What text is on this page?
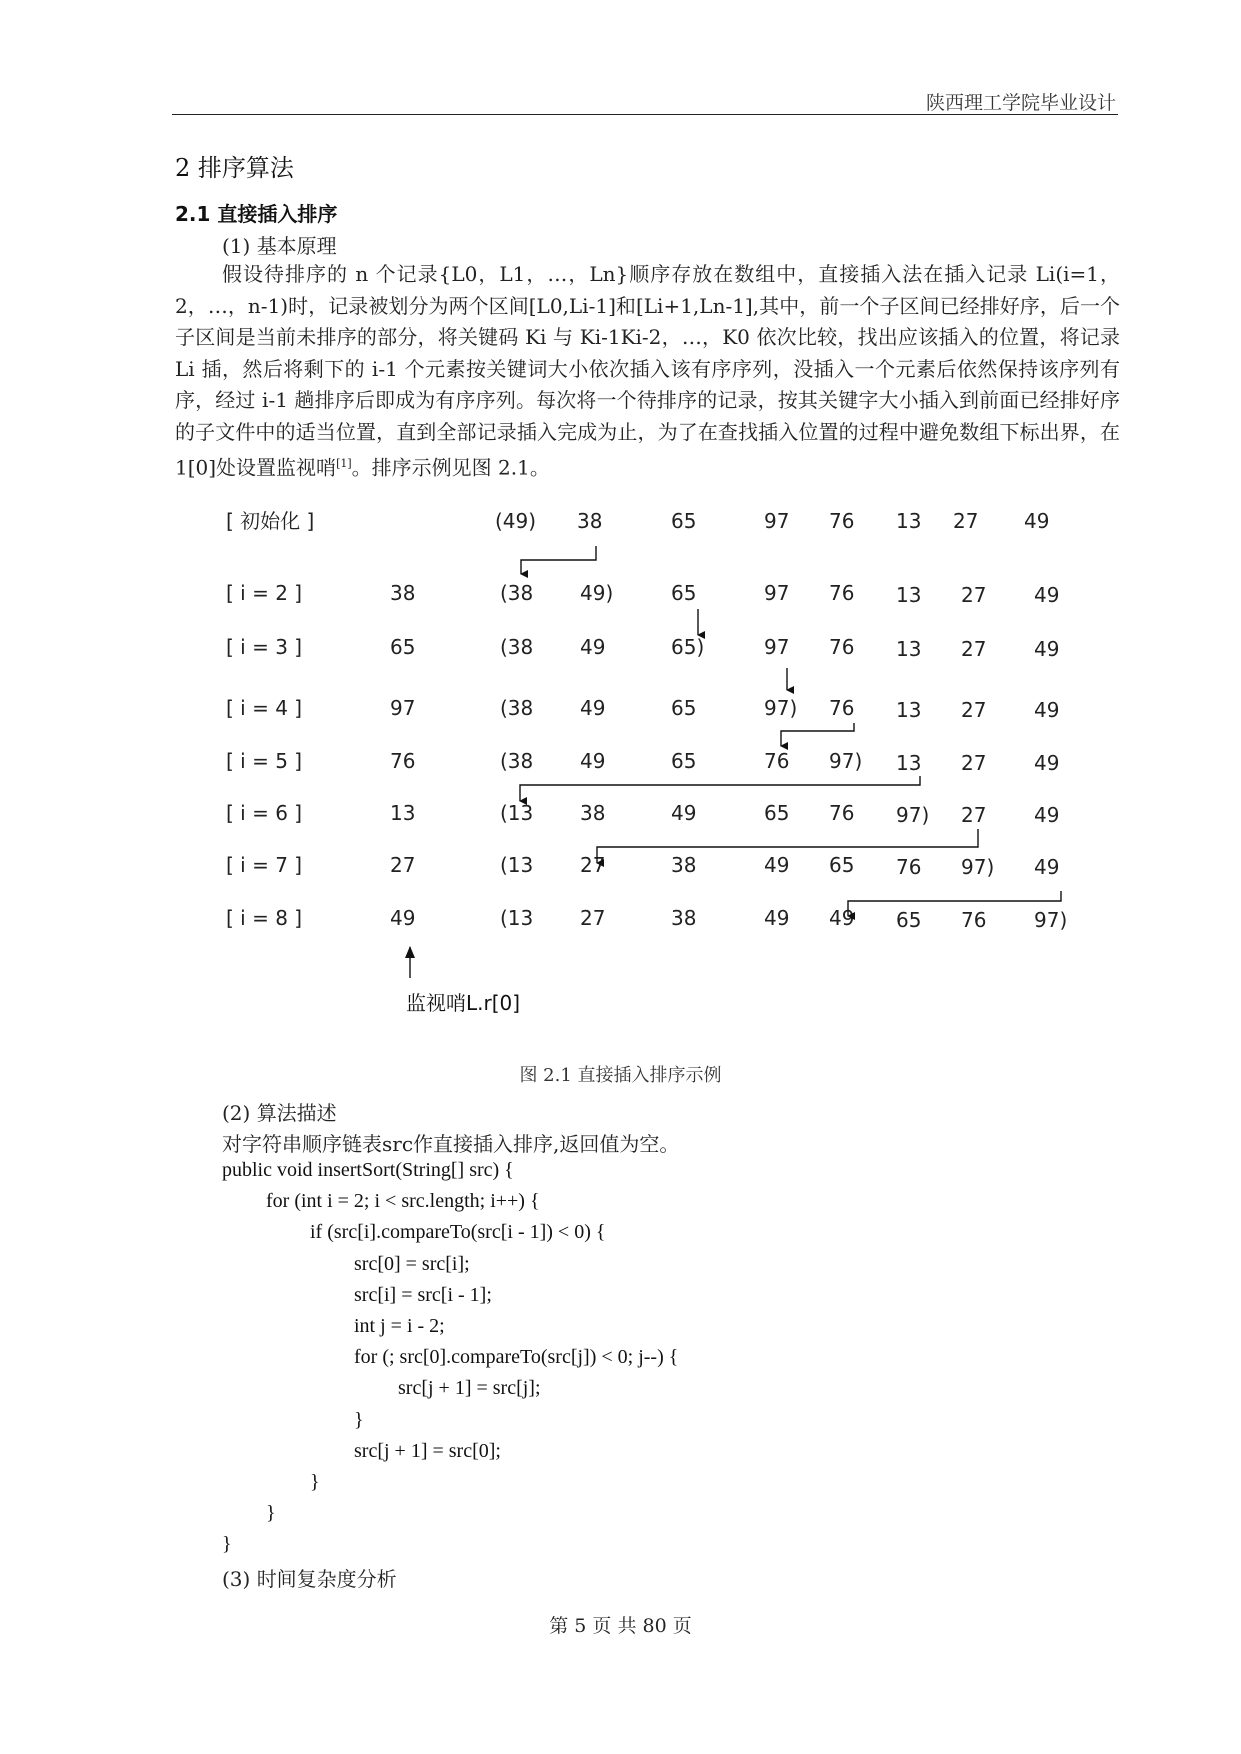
陕西理工学院毕业设计
2 排序算法
2.1 直接插入排序
(1) 基本原理
假设待排序的 n 个记录{L0，L1，…，Ln}顺序存放在数组中，直接插入法在插入记录 Li(i=1，2，…，n-1)时，记录被划分为两个区间[L0,Li-1]和[Li+1,Ln-1],其中，前一个子区间已经排好序，后一个子区间是当前未排序的部分，将关键码 Ki 与 Ki-1Ki-2，…，K0 依次比较，找出应该插入的位置，将记录 Li 插，然后将剩下的 i-1 个元素按关键词大小依次插入该有序序列，没插入一个元素后依然保持该序列有序，经过 i-1 趟排序后即成为有序序列。每次将一个待排序的记录，按其关键字大小插入到前面已经排好序的子文件中的适当位置，直到全部记录插入完成为止，为了在查找插入位置的过程中避免数组下标出界，在 1[0]处设置监视哨[1]。排序示例见图 2.1。
[ 初始化 ]	(49) 38	65	97 76 13 27 49
[ i = 2 ]	38	(38 49)	65	97 76 13 27 49
[ i = 3 ]	65	(38 49	65)	97 76 13 27 49
[ i = 4 ]	97	(38 49	65	97) 76 13 27 49
[ i = 5 ]	76	(38 49	65	76 97) 13 27 49
[ i = 6 ]	13	(13 38	49	65 76 97) 27 49
[ i = 7 ]	27	(13 27	38	49 65 76 97) 49
[ i = 8 ]	49	(13 27	38	49 49 65 76 97)
监视哨L.r[0]
图 2.1 直接插入排序示例
(2) 算法描述
对字符串顺序链表src作直接插入排序,返回值为空。
public void insertSort(String[] src) {
for (int i = 2; i < src.length; i++) {
if (src[i].compareTo(src[i - 1]) < 0) {
src[0] = src[i];
src[i] = src[i - 1];
int j = i - 2;
for (; src[0].compareTo(src[j]) < 0; j--) {
src[j + 1] = src[j];
}
src[j + 1] = src[0];
}
}
}
(3) 时间复杂度分析
第 5 页 共 80 页
